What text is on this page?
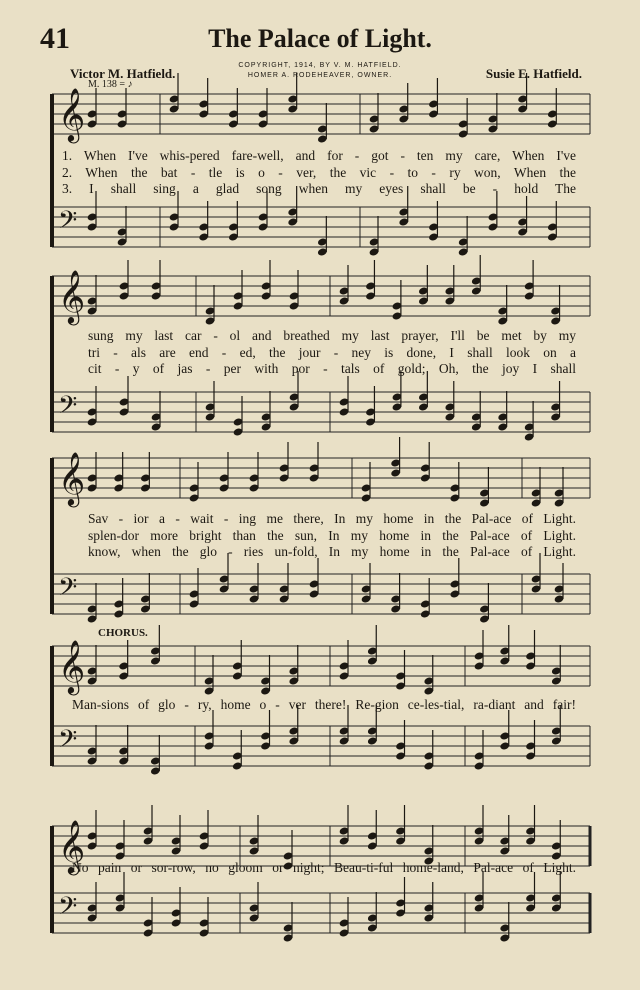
41	The Palace of Light.
COPYRIGHT, 1914, BY V. M. HATFIELD.
HOMER A. RODEHEAVER, OWNER.
Victor M. Hatfield.	Susie E. Hatfield.
M. 138 = ♪
CHORUS.
𝄞
𝄢
𝄞
𝄢
𝄞
𝄢
𝄞
𝄢
𝄞
𝄢
1. When I've whis-pered fare-well, and for - got - ten my care, When I've
2. When the bat - tle is o - ver, the vic - to - ry won, When the
3. I shall sing a glad song when my eyes shall be - hold The
sung my last car - ol and breathed my last prayer, I'll be met by my
tri - als are end - ed, the jour - ney is done, I shall look on a
cit - y of jas - per with por - tals of gold; Oh, the joy I shall
Sav - ior a - wait - ing me there, In my home in the Pal-ace of Light.
splen-dor more bright than the sun, In my home in the Pal-ace of Light.
know, when the glo - ries un-fold, In my home in the Pal-ace of Light.
Man-sions of glo - ry, home o - ver there! Re-gion ce-les-tial, ra-diant and fair!
No pain or sor-row, no gloom or night; Beau-ti-ful home-land, Pal-ace of Light.
